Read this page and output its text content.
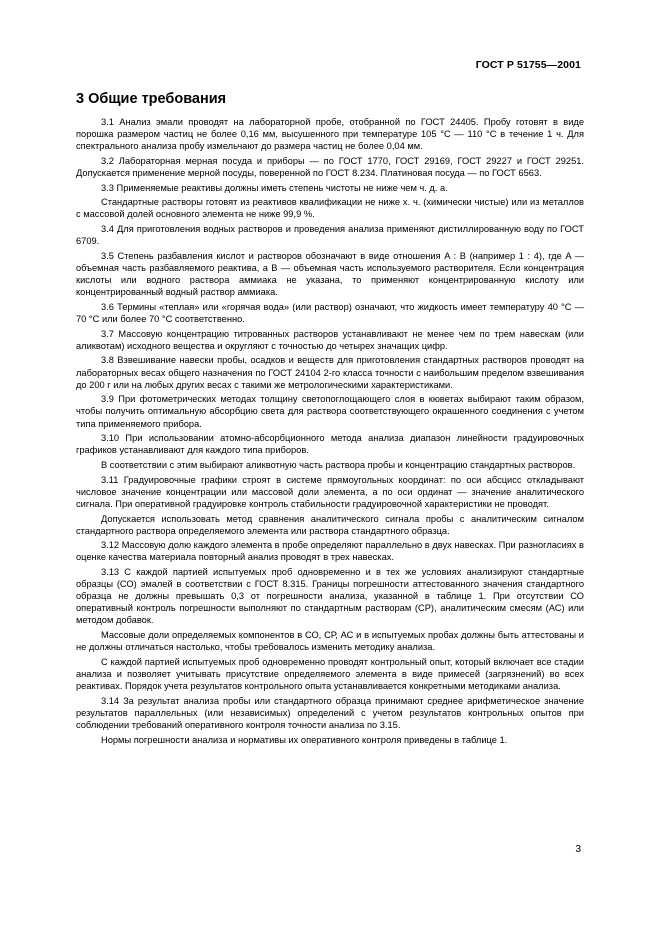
ГОСТ Р 51755—2001
3 Общие требования

3.1 Анализ эмали проводят на лабораторной пробе, отобранной по ГОСТ 24405. Пробу готовят в виде порошка размером частиц не более 0,16 мм, высушенного при температуре 105 °С — 110 °С в течение 1 ч. Для спектрального анализа пробу измельчают до размера частиц не более 0,04 мм.

3.2 Лабораторная мерная посуда и приборы — по ГОСТ 1770, ГОСТ 29169, ГОСТ 29227 и ГОСТ 29251. Допускается применение мерной посуды, поверенной по ГОСТ 8.234. Платиновая посуда — по ГОСТ 6563.

3.3 Применяемые реактивы должны иметь степень чистоты не ниже чем ч. д. а.

Стандартные растворы готовят из реактивов квалификации не ниже х. ч. (химически чистые) или из металлов с массовой долей основного элемента не ниже 99,9 %.

3.4 Для приготовления водных растворов и проведения анализа применяют дистиллированную воду по ГОСТ 6709.

3.5 Степень разбавления кислот и растворов обозначают в виде отношения A : B (например 1 : 4), где A — объемная часть разбавляемого реактива, а B — объемная часть используемого растворителя. Если концентрация кислоты или водного раствора аммиака не указана, то применяют концентрированную кислоту или концентрированный водный раствор аммиака.

3.6 Термины «теплая» или «горячая вода» (или раствор) означают, что жидкость имеет температуру 40 °С — 70 °С или более 70 °С соответственно.

3.7 Массовую концентрацию титрованных растворов устанавливают не менее чем по трем навескам (или аликвотам) исходного вещества и округляют с точностью до четырех значащих цифр.

3.8 Взвешивание навески пробы, осадков и веществ для приготовления стандартных растворов проводят на лабораторных весах общего назначения по ГОСТ 24104 2-го класса точности с наибольшим пределом взвешивания до 200 г или на любых других весах с такими же метрологическими характеристиками.

3.9 При фотометрических методах толщину светопоглощающего слоя в кюветах выбирают таким образом, чтобы получить оптимальную абсорбцию света для раствора соответствующего окрашенного соединения с учетом типа применяемого прибора.

3.10 При использовании атомно-абсорбционного метода анализа диапазон линейности градуировочных графиков устанавливают для каждого типа приборов.

В соответствии с этим выбирают аликвотную часть раствора пробы и концентрацию стандартных растворов.

3.11 Градуировочные графики строят в системе прямоугольных координат: по оси абсцисс откладывают числовое значение концентрации или массовой доли элемента, а по оси ординат — значение аналитического сигнала. При оперативной градуировке контроль стабильности градуировочной характеристики не проводят.

Допускается использовать метод сравнения аналитического сигнала пробы с аналитическим сигналом стандартного раствора определяемого элемента или раствора стандартного образца.

3.12 Массовую долю каждого элемента в пробе определяют параллельно в двух навесках. При разногласиях в оценке качества материала повторный анализ проводят в трех навесках.

3.13 С каждой партией испытуемых проб одновременно и в тех же условиях анализируют стандартные образцы (СО) эмалей в соответствии с ГОСТ 8.315. Границы погрешности аттестованного значения стандартного образца не должны превышать 0,3 от погрешности анализа, указанной в таблице 1. При отсутствии СО оперативный контроль погрешности выполняют по стандартным растворам (СР), аналитическим смесям (АС) или методом добавок.

Массовые доли определяемых компонентов в СО, СР, АС и в испытуемых пробах должны быть аттестованы и не должны отличаться настолько, чтобы требовалось изменить методику анализа.

С каждой партией испытуемых проб одновременно проводят контрольный опыт, который включает все стадии анализа и позволяет учитывать присутствие определяемого элемента в виде примесей (загрязнений) во всех реактивах. Порядок учета результатов контрольного опыта устанавливается конкретными методиками анализа.

3.14 За результат анализа пробы или стандартного образца принимают среднее арифметическое значение результатов параллельных (или независимых) определений с учетом результатов контрольных опытов при соблюдении требований оперативного контроля точности анализа по 3.15.

Нормы погрешности анализа и нормативы их оперативного контроля приведены в таблице 1.

3
